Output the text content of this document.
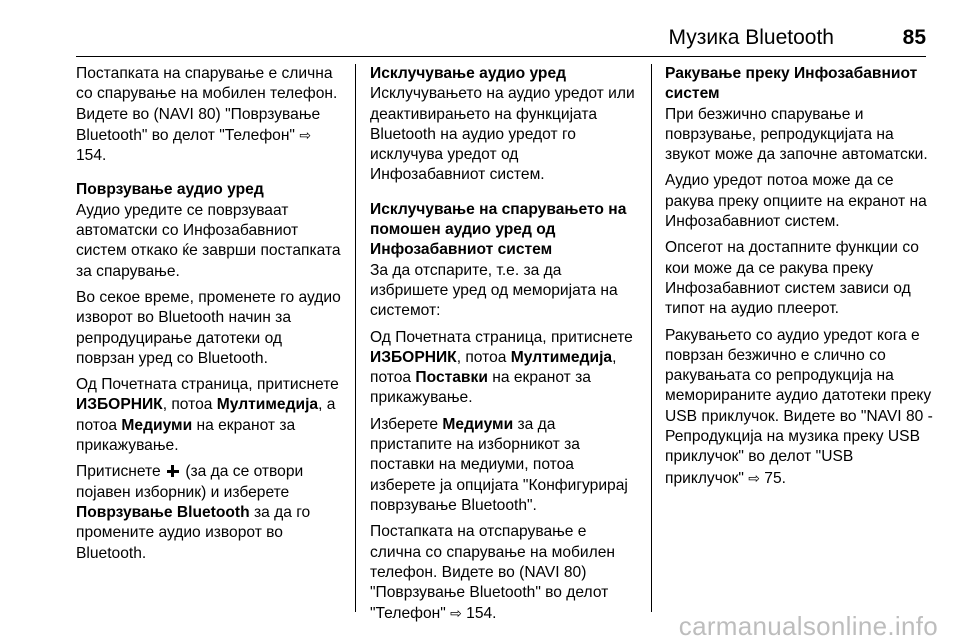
Музика Bluetooth	85

Постапката на спарување е слична со спарување на мобилен телефон. Видете во (NAVI 80) "Поврзување Bluetooth" во делот "Телефон" ⇨ 154.

Поврзување аудио уред

Аудио уредите се поврзуваат автоматски со Инфозабавниот систем откако ќе заврши постапката за спарување.

Во секое време, променете го аудио изворот во Bluetooth начин за репродуцирање датотеки од поврзан уред со Bluetooth.

Од Почетната страница, притиснете ИЗБОРНИК, потоа Мултимедија, а потоа Медиуми на екранот за прикажување.

Притиснете  (за да се отвори појавен изборник) и изберете Поврзување Bluetooth за да го промените аудио изворот во Bluetooth.

Исклучување аудио уред

Исклучувањето на аудио уредот или деактивирањето на функцијата Bluetooth на аудио уредот го исклучува уредот од Инфозабавниот систем.

Исклучување на спарувањето на помошен аудио уред од Инфозабавниот систем

За да отспарите, т.е. за да избришете уред од меморијата на системот:

Од Почетната страница, притиснете ИЗБОРНИК, потоа Мултимедија, потоа Поставки на екранот за прикажување.

Изберете Медиуми за да пристапите на изборникот за поставки на медиуми, потоа изберете ја опцијата "Конфигурирај поврзување Bluetooth".

Постапката на отспарување е слична со спарување на мобилен телефон. Видете во (NAVI 80) "Поврзување Bluetooth" во делот "Телефон" ⇨ 154.

Ракување преку Инфозабавниот систем

При безжично спарување и поврзување, репродукцијата на звукот може да започне автоматски.

Аудио уредот потоа може да се ракува преку опциите на екранот на Инфозабавниот систем.

Опсегот на достапните функции со кои може да се ракува преку Инфозабавниот систем зависи од типот на аудио плеерот.

Ракувањето со аудио уредот кога е поврзан безжично е слично со ракувањата со репродукција на меморираните аудио датотеки преку USB приклучок. Видете во "NAVI 80 - Репродукција на музика преку USB приклучок" во делот "USB приклучок" ⇨ 75.

carmanualsonline.info
